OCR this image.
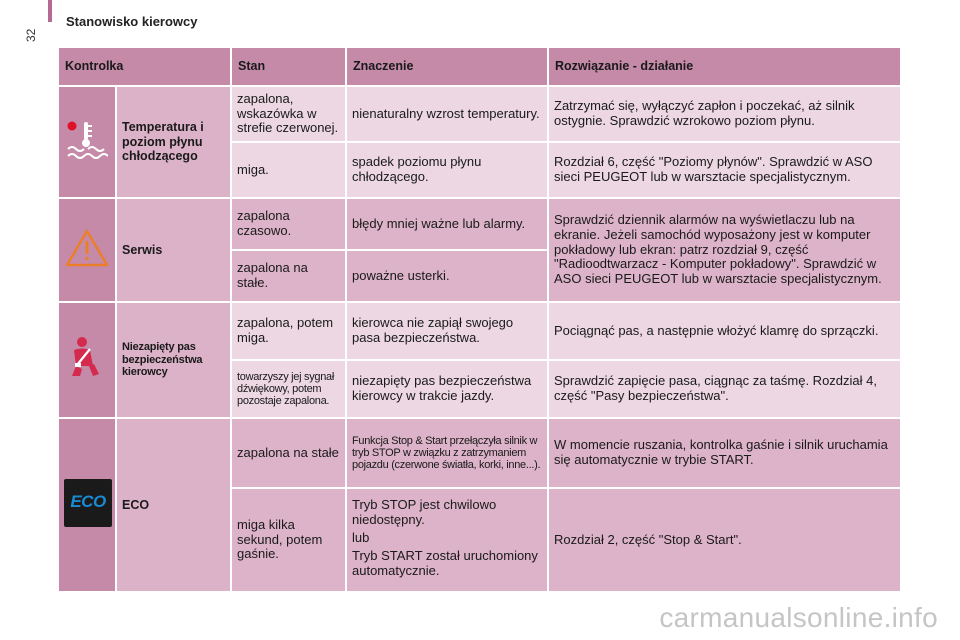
32
Stanowisko kierowcy
Kontrolka		Stan	Znaczenie	Rozwiązanie - działanie
	Temperatura i poziom płynu chłodzącego	zapalona, wskazówka w strefie czerwonej.	nienaturalny wzrost temperatury.	Zatrzymać się, wyłączyć zapłon i poczekać, aż silnik ostygnie. Sprawdzić wzrokowo poziom płynu.
		miga.	spadek poziomu płynu chłodzącego.	Rozdział 6, część "Poziomy płynów". Sprawdzić w ASO sieci PEUGEOT lub w warsztacie specjalistycznym.
	Serwis	zapalona czasowo.	błędy mniej ważne lub alarmy.	Sprawdzić dziennik alarmów na wyświetlaczu lub na ekranie. Jeżeli samochód wyposażony jest w komputer pokładowy lub ekran: patrz rozdział 9, część "Radioodtwarzacz - Komputer pokładowy". Sprawdzić w ASO sieci PEUGEOT lub w warsztacie specjalistycznym.
		zapalona na stałe.	poważne usterki.	
	Niezapięty pas bezpieczeństwa kierowcy	zapalona, potem miga.	kierowca nie zapiął swojego pasa bezpieczeństwa.	Pociągnąć pas, a następnie włożyć klamrę do sprzączki.
		towarzyszy jej sygnał dźwiękowy, potem pozostaje zapalona.	niezapięty pas bezpieczeństwa kierowcy w trakcie jazdy.	Sprawdzić zapięcie pasa, ciągnąc za taśmę. Rozdział 4, część "Pasy bezpieczeństwa".

ECO	ECO	zapalona na stałe	Funkcja Stop & Start przełączyła silnik w tryb STOP w związku z zatrzymaniem pojazdu (czerwone światła, korki, inne...).	W momencie ruszania, kontrolka gaśnie i silnik uruchamia się automatycznie w trybie START.
		miga kilka sekund, potem gaśnie.	Tryb STOP jest chwilowo niedostępny.

lub

Tryb START został uruchomiony automatycznie.	Rozdział 2, część "Stop & Start".
carmanualsonline.info
